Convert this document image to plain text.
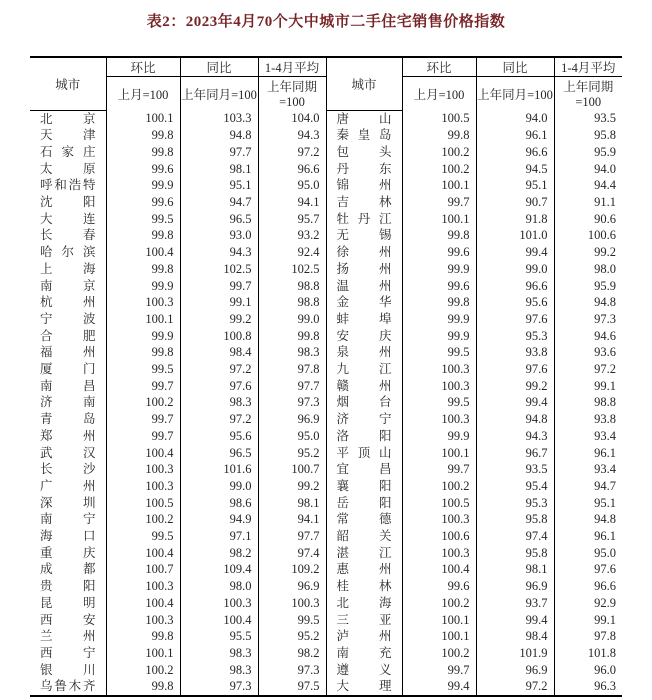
表2：2023年4月70个大中城市二手住宅销售价格指数
城市	环比	同比	1-4月平均	城市	环比	同比	1-4月平均
	上月=100	上年同月=100	上年同期=100		上月=100	上年同月=100	上年同期=100
北京	100.1	103.3	104.0	唐山	100.5	94.0	93.5
天津	99.8	94.8	94.3	秦皇岛	99.8	96.1	95.8
石家庄	99.8	97.7	97.2	包头	100.2	96.6	95.9
太原	99.6	98.1	96.6	丹东	100.2	94.5	94.0
呼和浩特	99.9	95.1	95.0	锦州	100.1	95.1	94.4
沈阳	99.6	94.7	94.1	吉林	99.7	90.7	91.1
大连	99.5	96.5	95.7	牡丹江	100.1	91.8	90.6
长春	99.8	93.0	93.2	无锡	99.8	101.0	100.6
哈尔滨	100.4	94.3	92.4	徐州	99.6	99.4	99.2
上海	99.8	102.5	102.5	扬州	99.9	99.0	98.0
南京	99.9	99.7	98.8	温州	99.6	96.6	95.9
杭州	100.3	99.1	98.8	金华	99.8	95.6	94.8
宁波	100.1	99.2	99.0	蚌埠	99.9	97.6	97.3
合肥	99.9	100.8	99.8	安庆	99.9	95.3	94.6
福州	99.8	98.4	98.3	泉州	99.5	93.8	93.6
厦门	99.5	97.2	97.8	九江	100.3	97.6	97.2
南昌	99.7	97.6	97.7	赣州	100.3	99.2	99.1
济南	100.2	98.3	97.3	烟台	99.5	99.4	98.8
青岛	99.7	97.2	96.9	济宁	100.3	94.8	93.8
郑州	99.7	95.6	95.0	洛阳	99.9	94.3	93.4
武汉	100.4	96.5	95.2	平顶山	100.1	96.7	96.1
长沙	100.3	101.6	100.7	宜昌	99.7	93.5	93.4
广州	100.3	99.0	99.2	襄阳	100.2	95.4	94.7
深圳	100.5	98.6	98.1	岳阳	100.5	95.3	95.1
南宁	100.2	94.9	94.1	常德	100.3	95.8	94.8
海口	99.5	97.1	97.7	韶关	100.6	97.4	96.1
重庆	100.4	98.2	97.4	湛江	100.3	95.8	95.0
成都	100.7	109.4	109.2	惠州	100.4	98.1	97.6
贵阳	100.3	98.0	96.9	桂林	99.6	96.9	96.6
昆明	100.4	100.3	100.3	北海	100.2	93.7	92.9
西安	100.3	100.4	99.5	三亚	100.1	99.4	99.1
兰州	99.8	95.5	95.2	泸州	100.1	98.4	97.8
西宁	100.1	98.3	98.2	南充	100.2	101.9	101.8
银川	100.2	98.3	97.3	遵义	99.7	96.9	96.0
乌鲁木齐	99.8	97.3	97.5	大理	99.4	97.2	96.3
